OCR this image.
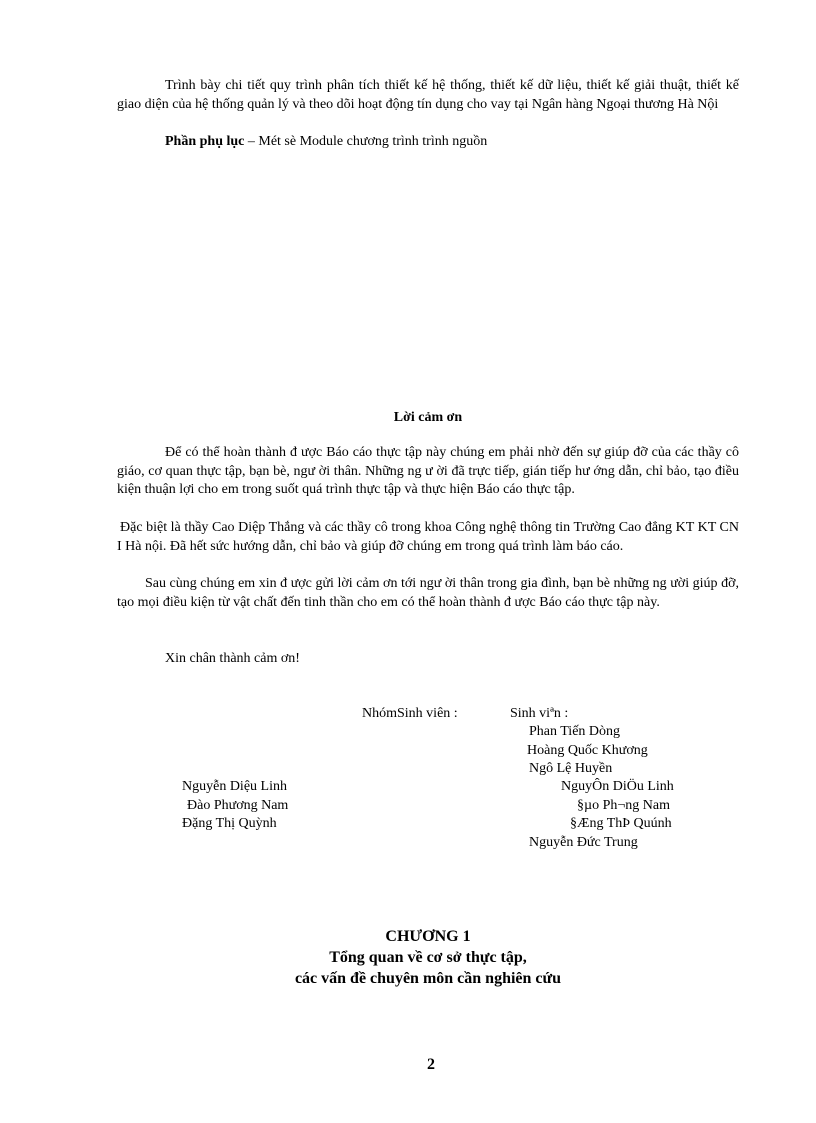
Trình bày chi tiết quy trình phân tích thiết kế hệ thống, thiết kế dữ liệu, thiết kế giải thuật, thiết kế giao diện của hệ thống quản lý và theo dõi hoạt động tín dụng cho vay tại Ngân hàng Ngoại thương Hà Nội
Phần phụ lục – Mét sè Module chương trình trình nguồn
Lời cảm ơn
Để có thể hoàn thành đ ược Báo cáo thực tập này chúng em phải nhờ đến sự giúp đỡ của các thầy cô giáo, cơ quan thực tập, bạn bè, ngư ời thân. Những ng ư ời đã trực tiếp, gián tiếp hư ớng dẫn, chỉ bảo, tạo điều kiện thuận lợi cho em trong suốt quá trình thực tập và thực hiện Báo cáo thực tập.
Đặc biệt là thầy Cao Diệp Thắng và các thầy cô trong khoa Công nghệ thông tin Trường Cao đẳng KT KT CN I Hà nội. Đã hết sức hướng dẫn, chỉ bảo và giúp đỡ chúng em trong quá trình làm báo cáo.
Sau cùng chúng em xin đ ược gửi lời cảm ơn tới ngư ời thân trong gia đình, bạn bè những ng ười giúp đỡ, tạo mọi điều kiện từ vật chất đến tinh thần cho em có thể hoàn thành đ ược Báo cáo thực tập này.
Xin chân thành cảm ơn!
NhómSinh viên :	Sinh viªn :
Phan Tiến Dòng
Hoàng Quốc Khương
Ngô Lệ Huyền
NguyÔn DiÖu Linh
§µo Ph¬ng Nam
§Æng ThÞ Quúnh
Nguyễn Đức Trung
Nguyễn Diệu Linh
Đào Phương Nam
Đặng Thị Quỳnh
CHƯƠNG 1
Tổng quan về cơ sở thực tập,
các vấn đề chuyên môn cần nghiên cứu
2
